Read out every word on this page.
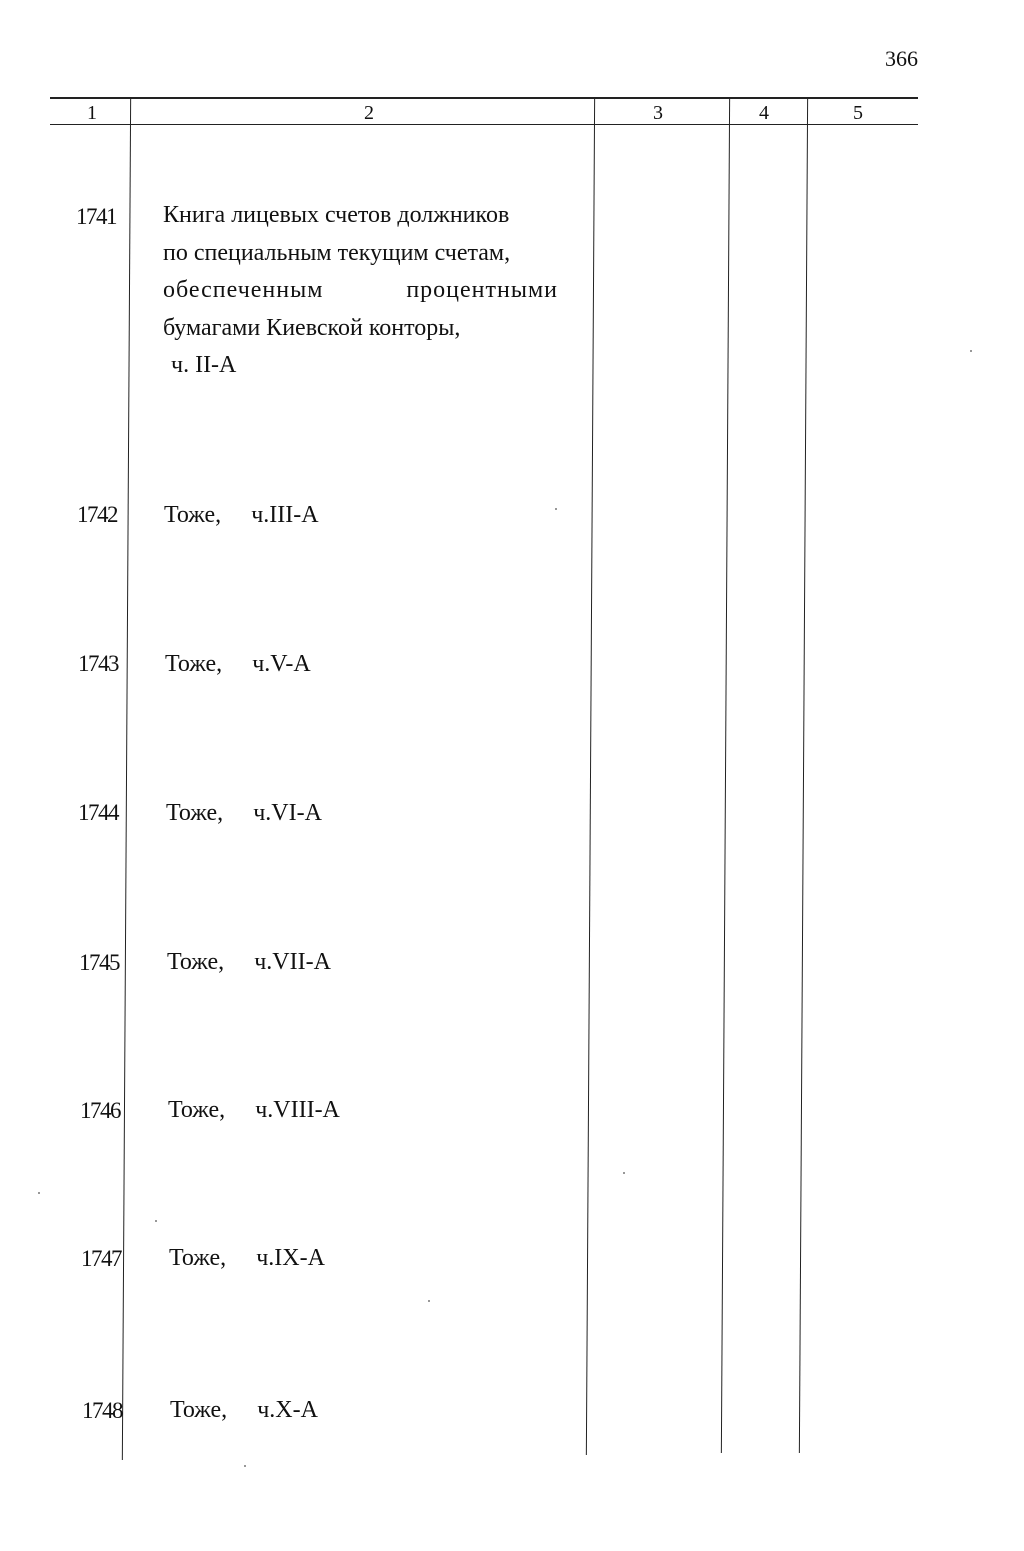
366
1	2	3	4	5
1741 Книга лицевых счетов должников
по специальным текущим счетам,
обеспеченным	процентными
бумагами Киевской конторы,
ч. II-А
1742 Тоже, ч.III-А
1743 Тоже, ч.V-А
1744 Тоже, ч.VI-А
1745 Тоже, ч.VII-А
1746 Тоже, ч.VIII-А
1747 Тоже, ч.IX-А
1748 Тоже, ч.X-А
